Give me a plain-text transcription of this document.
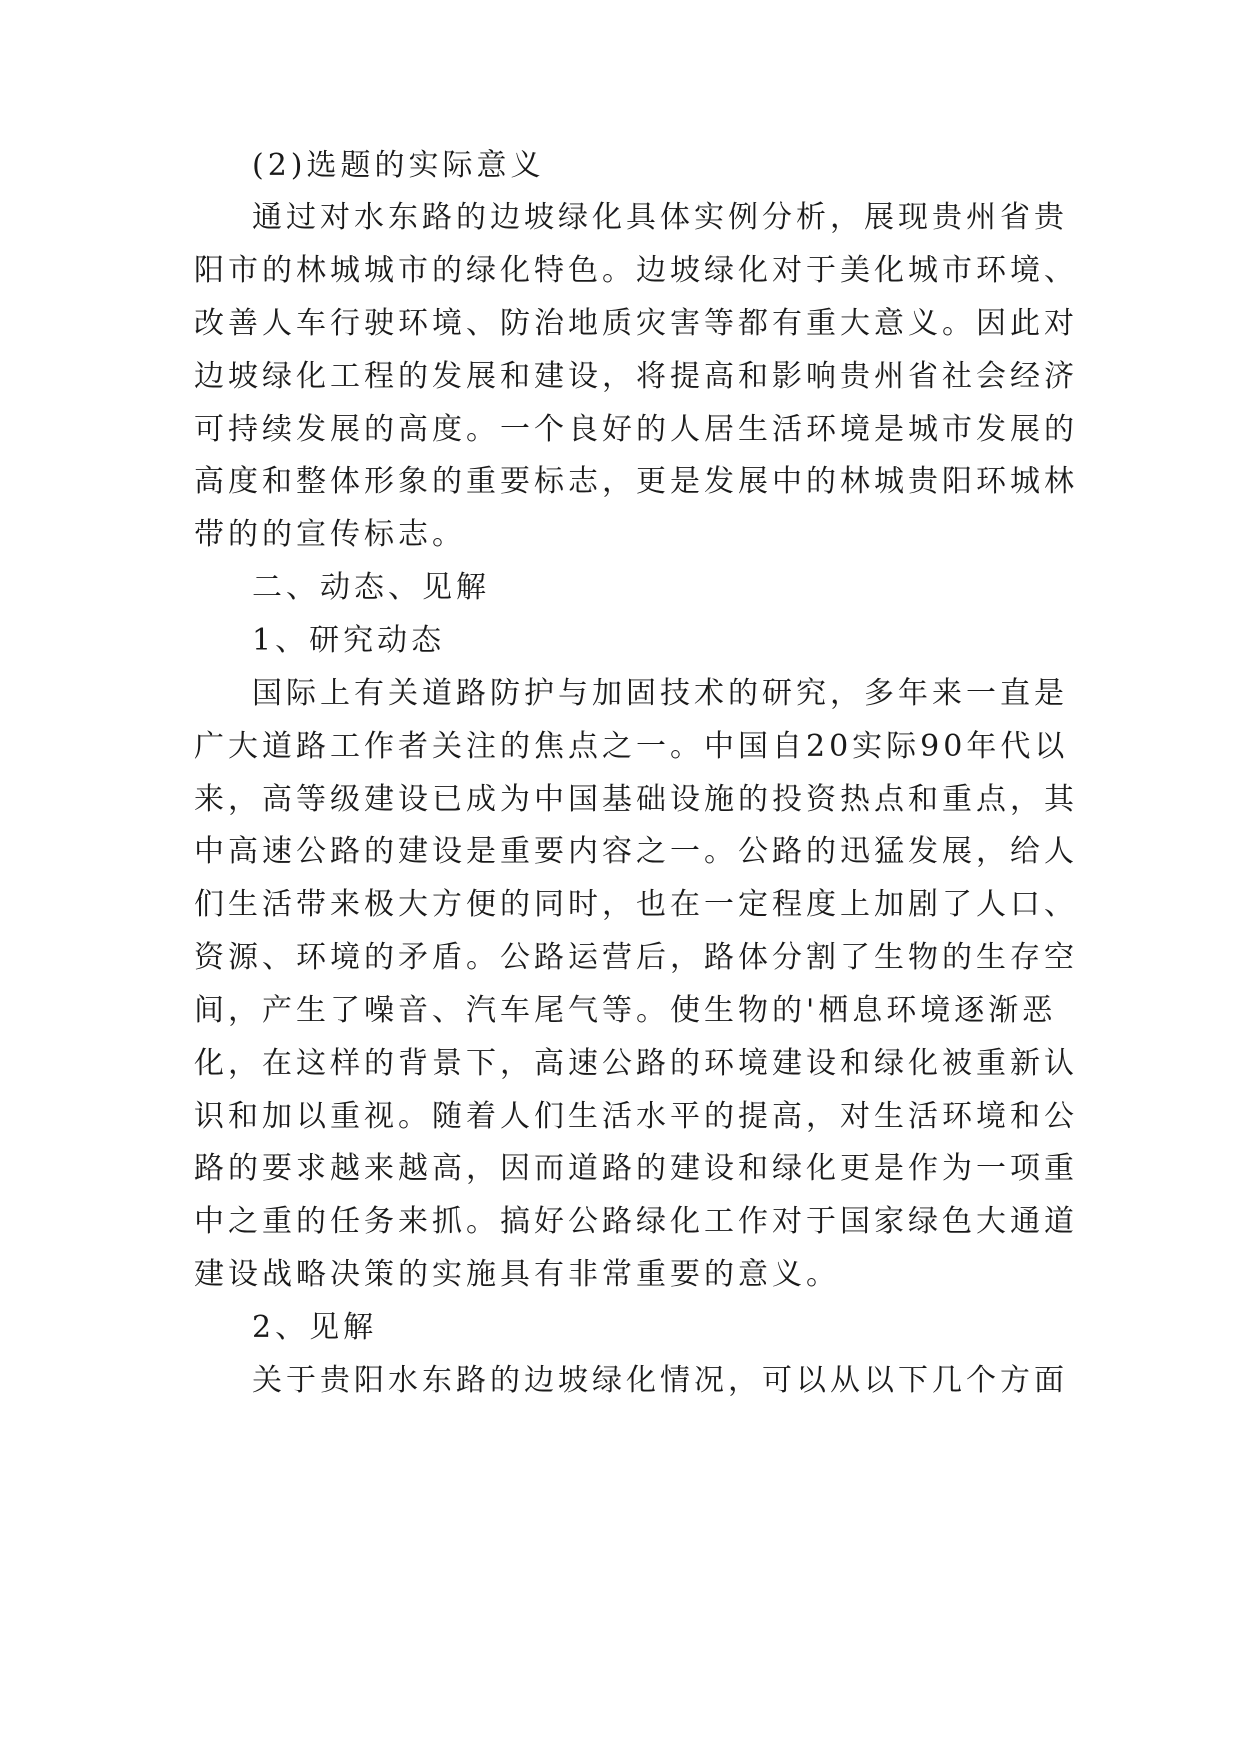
(2)选题的实际意义

通过对水东路的边坡绿化具体实例分析，展现贵州省贵

阳市的林城城市的绿化特色。边坡绿化对于美化城市环境、

改善人车行驶环境、防治地质灾害等都有重大意义。因此对

边坡绿化工程的发展和建设，将提高和影响贵州省社会经济

可持续发展的高度。一个良好的人居生活环境是城市发展的

高度和整体形象的重要标志，更是发展中的林城贵阳环城林

带的的宣传标志。

二、动态、见解

1、研究动态

国际上有关道路防护与加固技术的研究，多年来一直是

广大道路工作者关注的焦点之一。中国自20实际90年代以

来，高等级建设已成为中国基础设施的投资热点和重点，其

中高速公路的建设是重要内容之一。公路的迅猛发展，给人

们生活带来极大方便的同时，也在一定程度上加剧了人口、

资源、环境的矛盾。公路运营后，路体分割了生物的生存空

间，产生了噪音、汽车尾气等。使生物的'栖息环境逐渐恶

化，在这样的背景下，高速公路的环境建设和绿化被重新认

识和加以重视。随着人们生活水平的提高，对生活环境和公

路的要求越来越高，因而道路的建设和绿化更是作为一项重

中之重的任务来抓。搞好公路绿化工作对于国家绿色大通道

建设战略决策的实施具有非常重要的意义。

2、见解

关于贵阳水东路的边坡绿化情况，可以从以下几个方面
